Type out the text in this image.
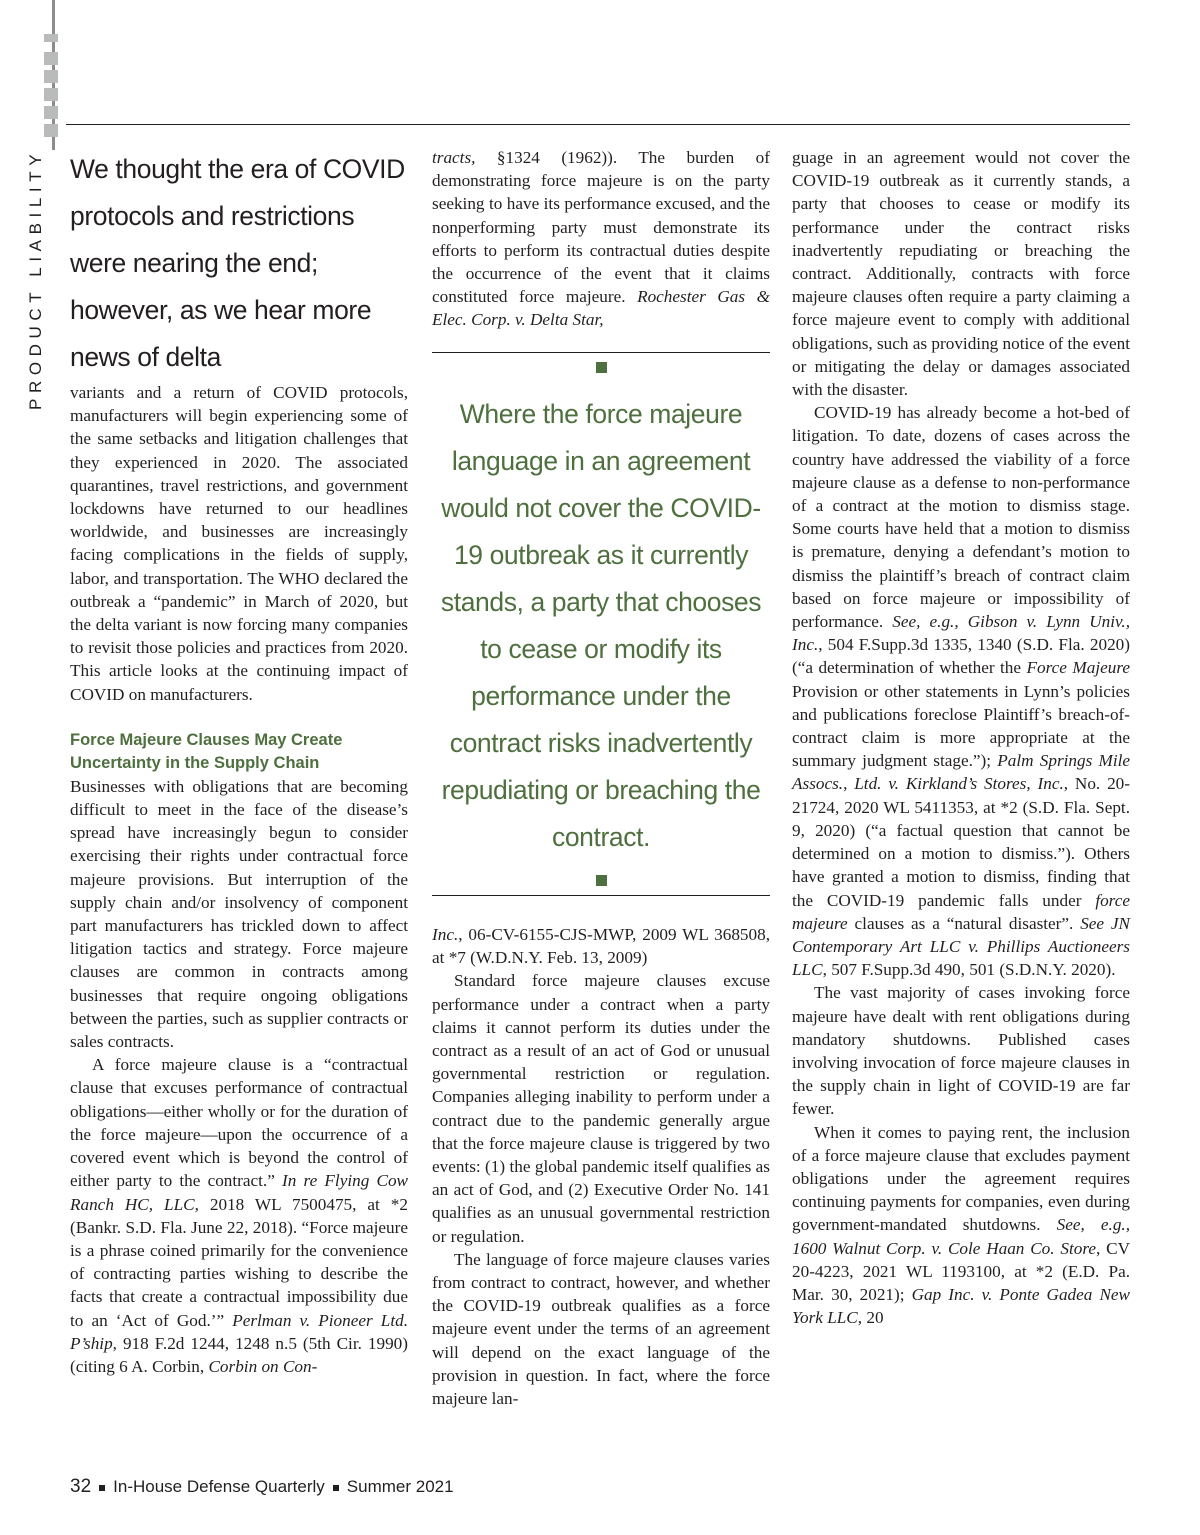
PRODUCT LIABILITY We thought the era of COVID protocols and restrictions were nearing the end; however, as we hear more news of delta

variants and a return of COVID protocols, manufacturers will begin experiencing some of the same setbacks and litigation challenges that they experienced in 2020. The associated quarantines, travel restrictions, and government lockdowns have returned to our headlines worldwide, and businesses are increasingly facing complications in the fields of supply, labor, and transportation. The WHO declared the outbreak a “pandemic” in March of 2020, but the delta variant is now forcing many companies to revisit those policies and practices from 2020. This article looks at the continuing impact of COVID on manufacturers.

Force Majeure Clauses May Create Uncertainty in the Supply Chain

Businesses with obligations that are becoming difficult to meet in the face of the disease’s spread have increasingly begun to consider exercising their rights under contractual force majeure provisions. But interruption of the supply chain and/or insolvency of component part manufacturers has trickled down to affect litigation tactics and strategy. Force majeure clauses are common in contracts among businesses that require ongoing obligations between the parties, such as supplier contracts or sales contracts.

A force majeure clause is a “contractual clause that excuses performance of contractual obligations—either wholly or for the duration of the force majeure—upon the occurrence of a covered event which is beyond the control of either party to the contract.” In re Flying Cow Ranch HC, LLC, 2018 WL 7500475, at *2 (Bankr. S.D. Fla. June 22, 2018). “Force majeure is a phrase coined primarily for the convenience of contracting parties wishing to describe the facts that create a contractual impossibility due to an ‘Act of God.’” Perlman v. Pioneer Ltd. P’ship, 918 F.2d 1244, 1248 n.5 (5th Cir. 1990) (citing 6 A. Corbin, Corbin on Con-

tracts, §1324 (1962)). The burden of demonstrating force majeure is on the party seeking to have its performance excused, and the nonperforming party must demonstrate its efforts to perform its contractual duties despite the occurrence of the event that it claims constituted force majeure. Rochester Gas & Elec. Corp. v. Delta Star,

Where the force majeure language in an agreement would not cover the COVID-19 outbreak as it currently stands, a party that chooses to cease or modify its performance under the contract risks inadvertently repudiating or breaching the contract.

Inc., 06-CV-6155-CJS-MWP, 2009 WL 368508, at *7 (W.D.N.Y. Feb. 13, 2009)

Standard force majeure clauses excuse performance under a contract when a party claims it cannot perform its duties under the contract as a result of an act of God or unusual governmental restriction or regulation. Companies alleging inability to perform under a contract due to the pandemic generally argue that the force majeure clause is triggered by two events: (1) the global pandemic itself qualifies as an act of God, and (2) Executive Order No. 141 qualifies as an unusual governmental restriction or regulation.

The language of force majeure clauses varies from contract to contract, however, and whether the COVID-19 outbreak qualifies as a force majeure event under the terms of an agreement will depend on the exact language of the provision in question. In fact, where the force majeure lan-

guage in an agreement would not cover the COVID-19 outbreak as it currently stands, a party that chooses to cease or modify its performance under the contract risks inadvertently repudiating or breaching the contract. Additionally, contracts with force majeure clauses often require a party claiming a force majeure event to comply with additional obligations, such as providing notice of the event or mitigating the delay or damages associated with the disaster.

COVID-19 has already become a hot-bed of litigation. To date, dozens of cases across the country have addressed the viability of a force majeure clause as a defense to non-performance of a contract at the motion to dismiss stage. Some courts have held that a motion to dismiss is premature, denying a defendant’s motion to dismiss the plaintiff’s breach of contract claim based on force majeure or impossibility of performance. See, e.g., Gibson v. Lynn Univ., Inc., 504 F.Supp.3d 1335, 1340 (S.D. Fla. 2020) (“a determination of whether the Force Majeure Provision or other statements in Lynn’s policies and publications foreclose Plaintiff’s breach-of-contract claim is more appropriate at the summary judgment stage.”); Palm Springs Mile Assocs., Ltd. v. Kirkland’s Stores, Inc., No. 20-21724, 2020 WL 5411353, at *2 (S.D. Fla. Sept. 9, 2020) (“a factual question that cannot be determined on a motion to dismiss.”). Others have granted a motion to dismiss, finding that the COVID-19 pandemic falls under force majeure clauses as a “natural disaster”. See JN Contemporary Art LLC v. Phillips Auctioneers LLC, 507 F.Supp.3d 490, 501 (S.D.N.Y. 2020).

The vast majority of cases invoking force majeure have dealt with rent obligations during mandatory shutdowns. Published cases involving invocation of force majeure clauses in the supply chain in light of COVID-19 are far fewer.

When it comes to paying rent, the inclusion of a force majeure clause that excludes payment obligations under the agreement requires continuing payments for companies, even during government-mandated shutdowns. See, e.g., 1600 Walnut Corp. v. Cole Haan Co. Store, CV 20-4223, 2021 WL 1193100, at *2 (E.D. Pa. Mar. 30, 2021); Gap Inc. v. Ponte Gadea New York LLC, 20

32 In-House Defense Quarterly Summer 2021
